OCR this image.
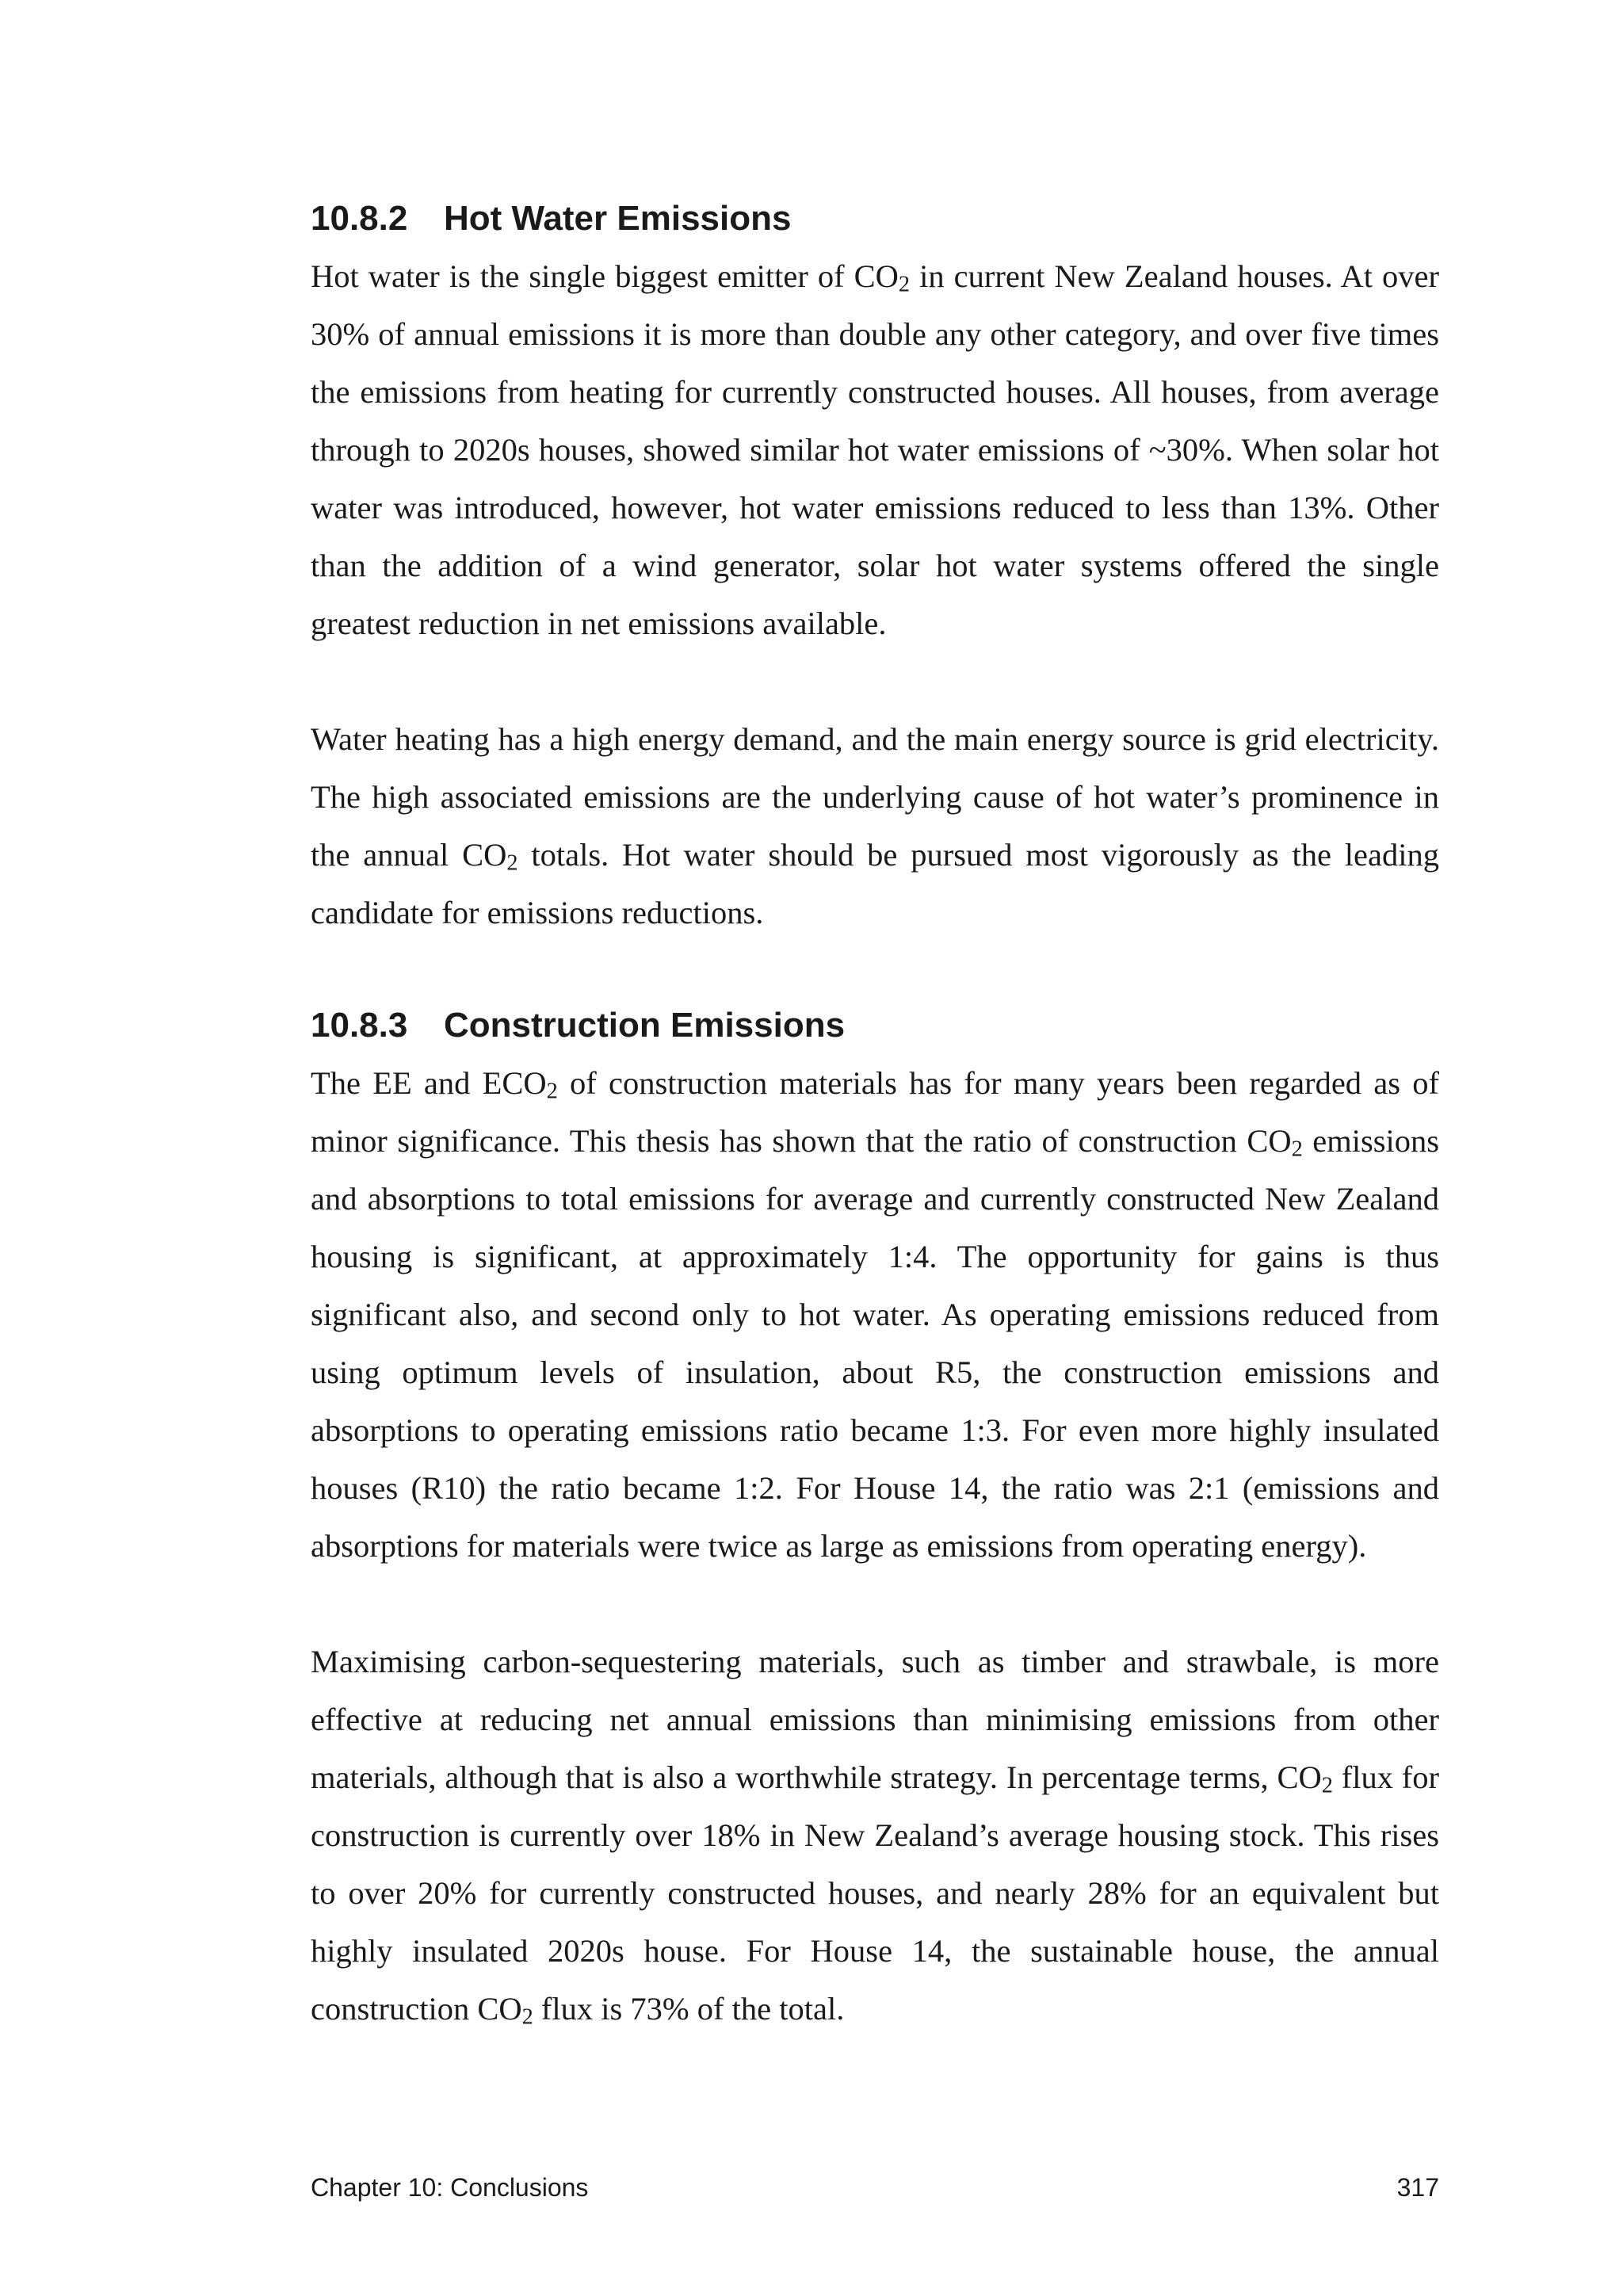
10.8.2 Hot Water Emissions

Hot water is the single biggest emitter of CO2 in current New Zealand houses. At over 30% of annual emissions it is more than double any other category, and over five times the emissions from heating for currently constructed houses. All houses, from average through to 2020s houses, showed similar hot water emissions of ~30%. When solar hot water was introduced, however, hot water emissions reduced to less than 13%. Other than the addition of a wind generator, solar hot water systems offered the single greatest reduction in net emissions available.

Water heating has a high energy demand, and the main energy source is grid electricity. The high associated emissions are the underlying cause of hot water’s prominence in the annual CO2 totals. Hot water should be pursued most vigorously as the leading candidate for emissions reductions.

10.8.3 Construction Emissions

The EE and ECO2 of construction materials has for many years been regarded as of minor significance. This thesis has shown that the ratio of construction CO2 emissions and absorptions to total emissions for average and currently constructed New Zealand housing is significant, at approximately 1:4. The opportunity for gains is thus significant also, and second only to hot water. As operating emissions reduced from using optimum levels of insulation, about R5, the construction emissions and absorptions to operating emissions ratio became 1:3. For even more highly insulated houses (R10) the ratio became 1:2. For House 14, the ratio was 2:1 (emissions and absorptions for materials were twice as large as emissions from operating energy).

Maximising carbon-sequestering materials, such as timber and strawbale, is more effective at reducing net annual emissions than minimising emissions from other materials, although that is also a worthwhile strategy. In percentage terms, CO2 flux for construction is currently over 18% in New Zealand’s average housing stock. This rises to over 20% for currently constructed houses, and nearly 28% for an equivalent but highly insulated 2020s house. For House 14, the sustainable house, the annual construction CO2 flux is 73% of the total.

Chapter 10: Conclusions	317
